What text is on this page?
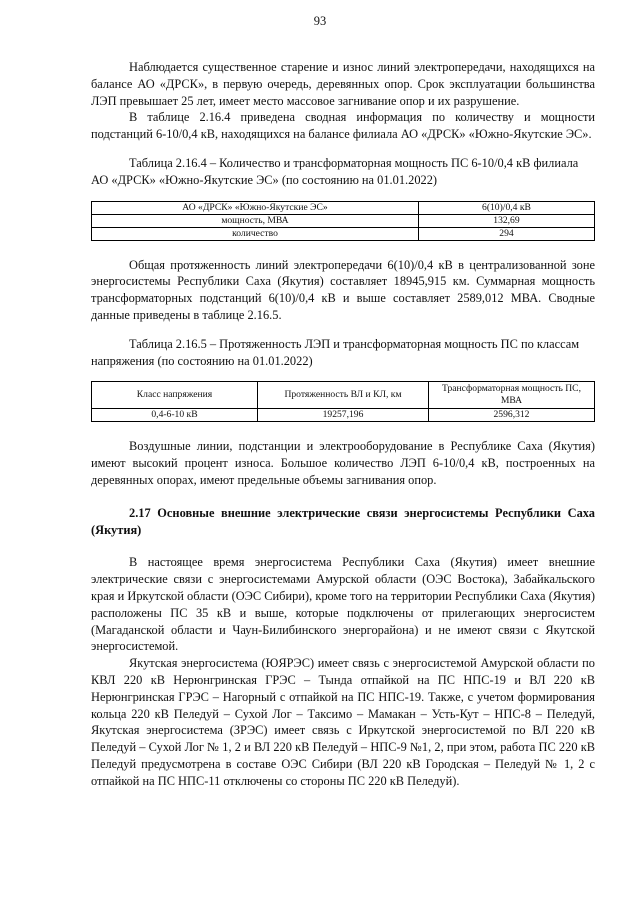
93

Наблюдается существенное старение и износ линий электропередачи, находящихся на балансе АО «ДРСК», в первую очередь, деревянных опор. Срок эксплуатации большинства ЛЭП превышает 25 лет, имеет место массовое загнивание опор и их разрушение.

В таблице 2.16.4 приведена сводная информация по количеству и мощности подстанций 6-10/0,4 кВ, находящихся на балансе филиала АО «ДРСК» «Южно-Якутские ЭС».

Таблица 2.16.4 – Количество и трансформаторная мощность ПС 6-10/0,4 кВ филиала АО «ДРСК» «Южно-Якутские ЭС» (по состоянию на 01.01.2022)

АО «ДРСК» «Южно-Якутские ЭС»	6(10)/0,4 кВ
мощность, МВА	132,69
количество	294

Общая протяженность линий электропередачи 6(10)/0,4 кВ в централизованной зоне энергосистемы Республики Саха (Якутия) составляет 18945,915 км. Суммарная мощность трансформаторных подстанций 6(10)/0,4 кВ и выше составляет 2589,012 МВА. Сводные данные приведены в таблице 2.16.5.

Таблица 2.16.5 – Протяженность ЛЭП и трансформаторная мощность ПС по классам напряжения (по состоянию на 01.01.2022)

Класс напряжения	Протяженность ВЛ и КЛ, км	Трансформаторная мощность ПС, МВА
0,4-6-10 кВ	19257,196	2596,312

Воздушные линии, подстанции и электрооборудование в Республике Саха (Якутия) имеют высокий процент износа. Большое количество ЛЭП 6-10/0,4 кВ, построенных на деревянных опорах, имеют предельные объемы загнивания опор.

2.17 Основные внешние электрические связи энергосистемы Республики Саха (Якутия)

В настоящее время энергосистема Республики Саха (Якутия) имеет внешние электрические связи с энергосистемами Амурской области (ОЭС Востока), Забайкальского края и Иркутской области (ОЭС Сибири), кроме того на территории Республики Саха (Якутия) расположены ПС 35 кВ и выше, которые подключены от прилегающих энергосистем (Магаданской области и Чаун-Билибинского энергорайона) и не имеют связи с Якутской энергосистемой.

Якутская энергосистема (ЮЯРЭС) имеет связь с энергосистемой Амурской области по КВЛ 220 кВ Нерюнгринская ГРЭС – Тында отпайкой на ПС НПС-19 и ВЛ 220 кВ Нерюнгринская ГРЭС – Нагорный с отпайкой на ПС НПС-19. Также, с учетом формирования кольца 220 кВ Пеледуй – Сухой Лог – Таксимо – Мамакан – Усть-Кут – НПС-8 – Пеледуй, Якутская энергосистема (ЗРЭС) имеет связь с Иркутской энергосистемой по ВЛ 220 кВ Пеледуй – Сухой Лог № 1, 2 и ВЛ 220 кВ Пеледуй – НПС-9 №1, 2, при этом, работа ПС 220 кВ Пеледуй предусмотрена в составе ОЭС Сибири (ВЛ 220 кВ Городская – Пеледуй № 1, 2 с отпайкой на ПС НПС-11 отключены со стороны ПС 220 кВ Пеледуй).
